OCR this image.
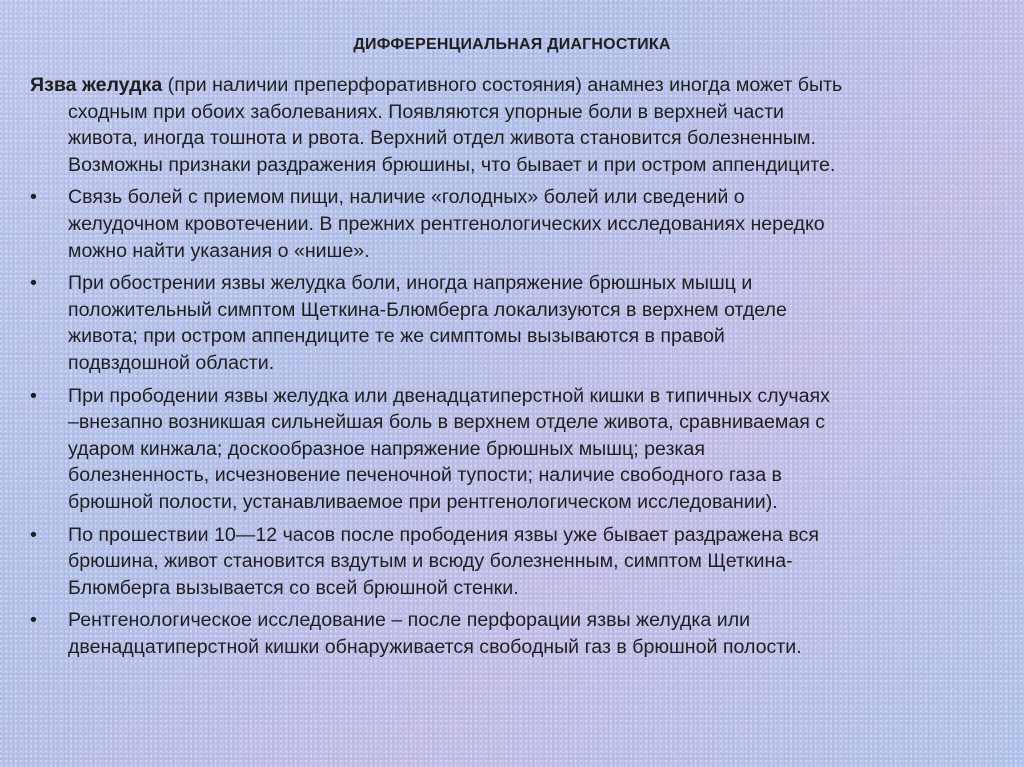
ДИФФЕРЕНЦИАЛЬНАЯ ДИАГНОСТИКА
Язва желудка (при наличии преперфоративного состояния) анамнез иногда может быть
сходным при обоих заболеваниях. Появляются упорные боли в верхней части
живота, иногда тошнота и рвота. Верхний отдел живота становится болезненным.
Возможны признаки раздражения брюшины, что бывает и при остром аппендиците.
• Связь болей с приемом пищи, наличие «голодных» болей или сведений о
желудочном кровотечении. В прежних рентгенологических исследованиях нередко
можно найти указания о «нише».
• При обострении язвы желудка боли, иногда напряжение брюшных мышц и
положительный симптом Щеткина-Блюмберга локализуются в верхнем отделе
живота; при остром аппендиците те же симптомы вызываются в правой
подвздошной области.
• При прободении язвы желудка или двенадцатиперстной кишки в типичных случаях
–внезапно возникшая сильнейшая боль в верхнем отделе живота, сравниваемая с
ударом кинжала; доскообразное напряжение брюшных мышц; резкая
болезненность, исчезновение печеночной тупости; наличие свободного газа в
брюшной полости, устанавливаемое при рентгенологическом исследовании).
• По прошествии 10—12 часов после прободения язвы уже бывает раздражена вся
брюшина, живот становится вздутым и всюду болезненным, симптом Щеткина-
Блюмберга вызывается со всей брюшной стенки.
• Рентгенологическое исследование – после перфорации язвы желудка или
двенадцатиперстной кишки обнаруживается свободный газ в брюшной полости.
